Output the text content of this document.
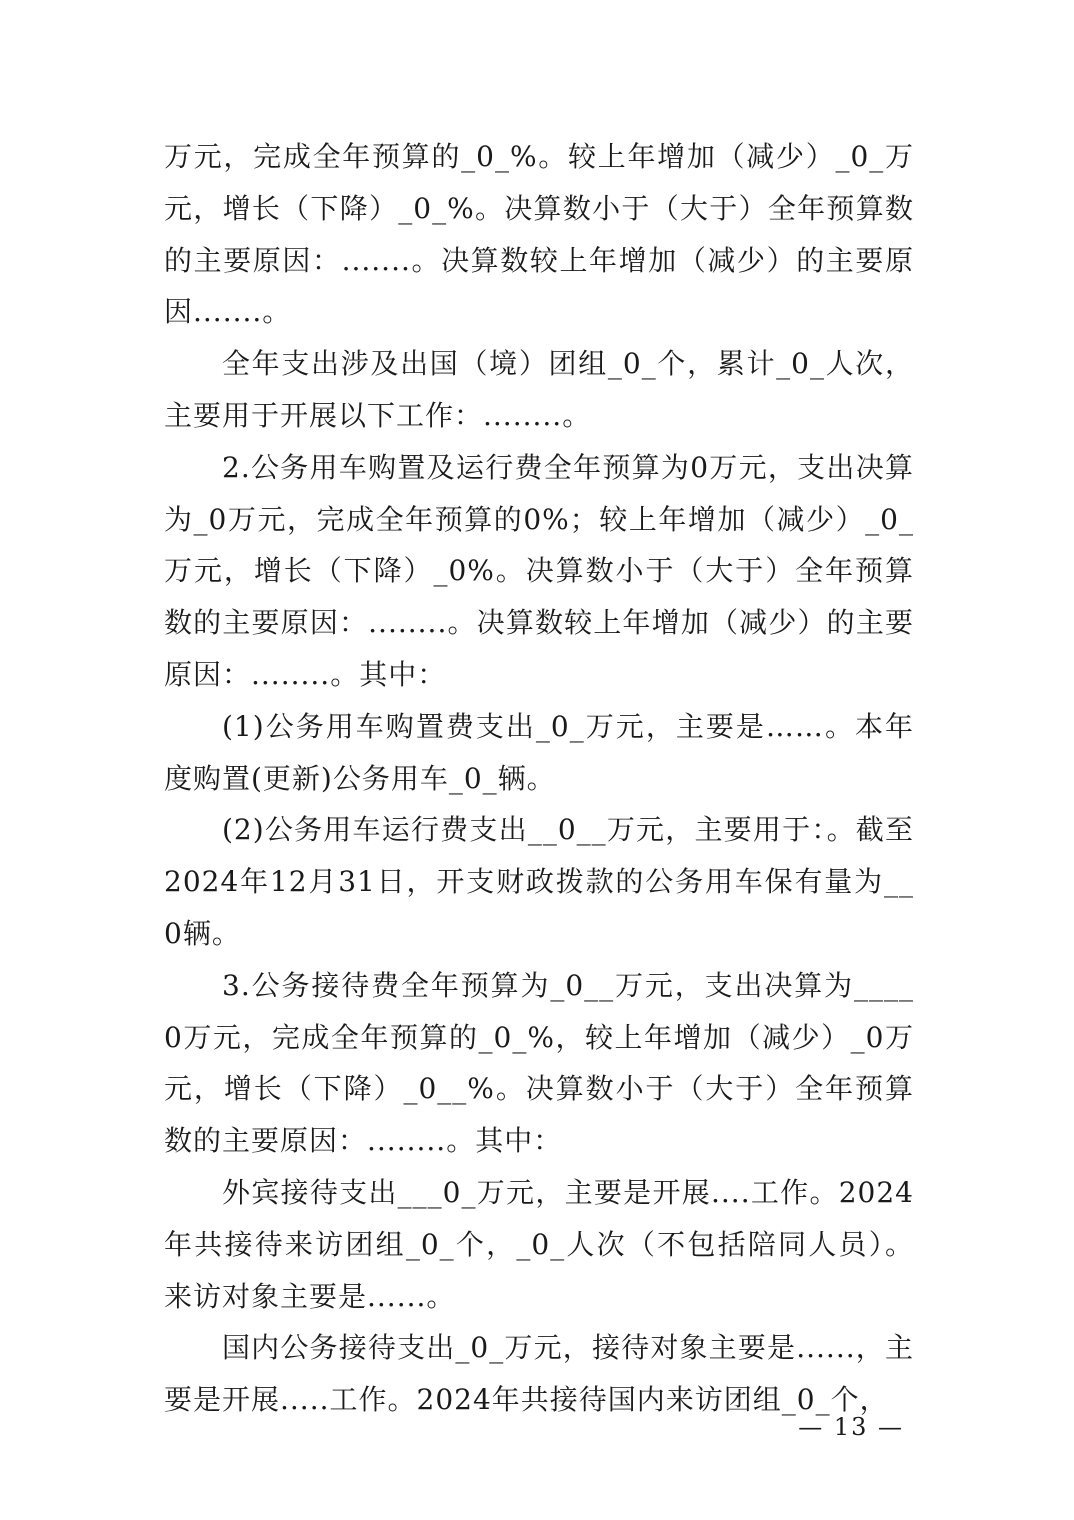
万元，完成全年预算的_0_%。较上年增加（减少）_0_万元，增长（下降）_0_%。决算数小于（大于）全年预算数的主要原因：.......。决算数较上年增加（减少）的主要原因.......。

全年支出涉及出国（境）团组_0_个，累计_0_人次，主要用于开展以下工作：........。

2.公务用车购置及运行费全年预算为0万元，支出决算为_0万元，完成全年预算的0%；较上年增加（减少）_0_万元，增长（下降）_0%。决算数小于（大于）全年预算数的主要原因：........。决算数较上年增加（减少）的主要原因：........。其中：

(1)公务用车购置费支出_0_万元，主要是……。本年度购置(更新)公务用车_0_辆。

(2)公务用车运行费支出__0__万元，主要用于：。截至2024年12月31日，开支财政拨款的公务用车保有量为__0辆。

3.公务接待费全年预算为_0__万元，支出决算为____0万元，完成全年预算的_0_%，较上年增加（减少）_0万元，增长（下降）_0__%。决算数小于（大于）全年预算数的主要原因：........。其中：

外宾接待支出___0_万元，主要是开展....工作。2024年共接待来访团组_0_个，_0_人次（不包括陪同人员）。来访对象主要是......。

国内公务接待支出_0_万元，接待对象主要是......，主要是开展.....工作。2024年共接待国内来访团组_0_个，

— 13 —
